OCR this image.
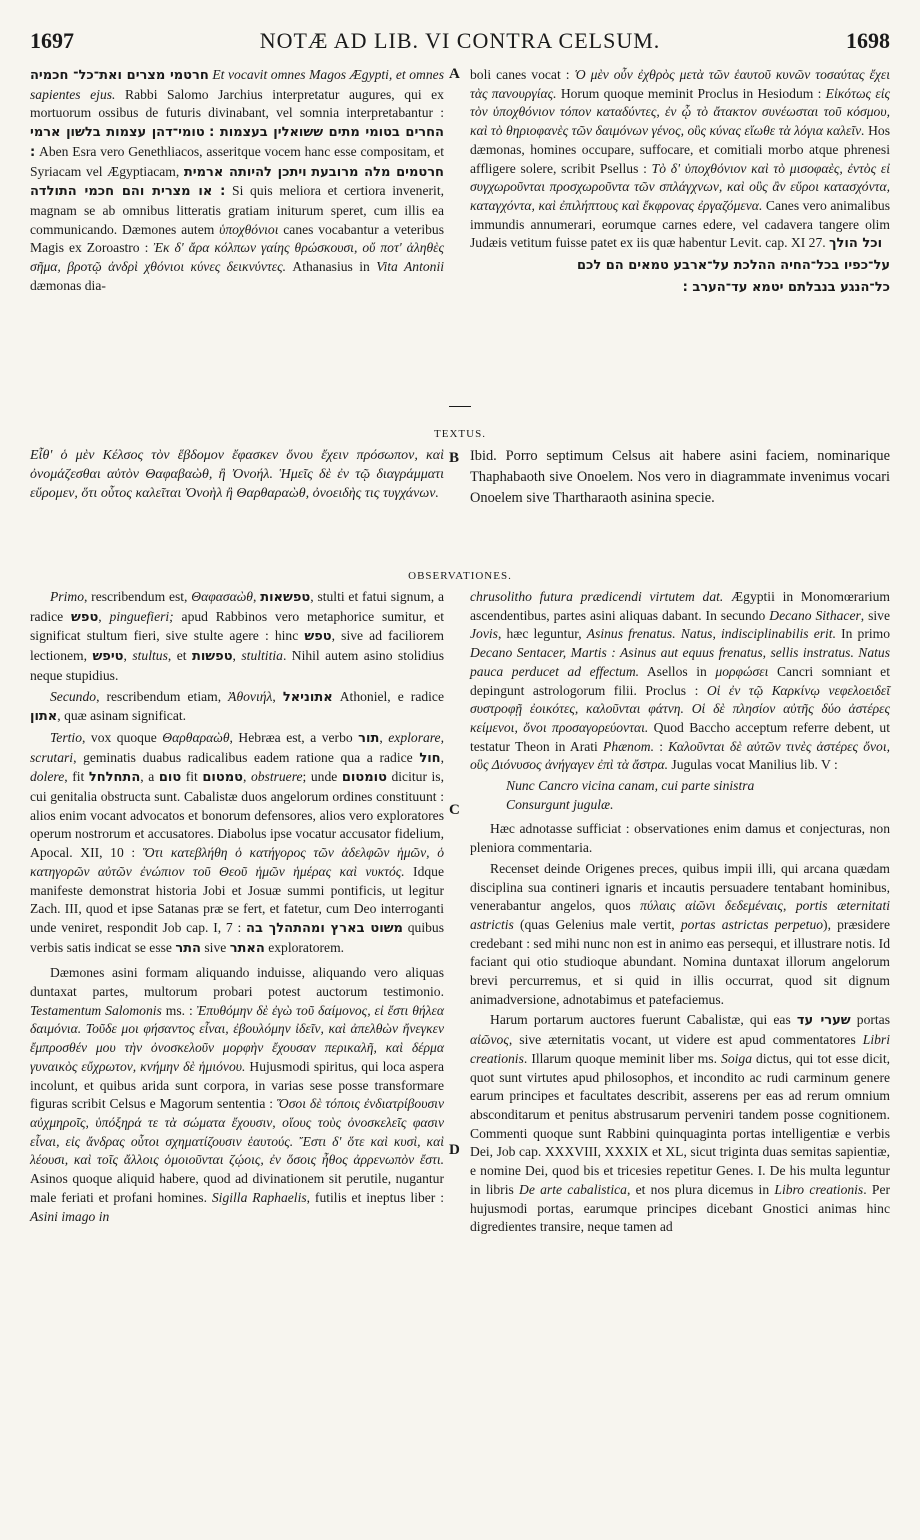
1697	NOTÆ AD LIB. VI CONTRA CELSUM.	1698

חרטמי מצרים ואת־כל־ חכמיה Et vocavit omnes Magos Ægypti, et omnes sapientes ejus. Rabbi Salomo Jarchius interpretatur augures, qui ex mortuorum ossibus de futuris divinabant, vel somnia interpretabantur : החרים בטומי מתים ששואלין בעצמות : טומי־דהן עצמות בלשון ארמי : Aben Esra vero Genethliacos, asseritque vocem hanc esse compositam, et Syriacam vel Ægyptiacam,	חרטמים מלה מרובעת ויתכן להיותה ארמית או מצרית והם חכמי התולדה : Si quis meliora et certiora invenerit, magnam se ab omnibus litteratis gratiam initurum speret, cum illis ea communicando. Dæmones autem ὑποχθόνιοι canes vocabantur a veteribus Magis ex Zoroastro : Ἐκ δ' ἄρα κόλπων γαίης θρώσκουσι, οὔ ποτ' ἀληθὲς σῆμα, βροτῷ ἀνδρὶ χθόνιοι κύνες δεικνύντες. Athanasius in Vita Antonii dæmonas dia-

A boli canes vocat : Ὁ μὲν οὖν ἐχθρὸς μετὰ τῶν ἑαυτοῦ κυνῶν τοσαύτας ἔχει τὰς πανουργίας. Horum quoque meminit Proclus in Hesiodum : Εἰκότως εἰς τὸν ὑποχθόνιον τόπον καταδύντες, ἐν ᾧ τὸ ἄτακτον συνέωσται τοῦ κόσμου, καὶ τὸ θηριοφανὲς τῶν δαιμόνων γένος, οὓς κύνας εἴωθε τὰ λόγια καλεῖν. Hos dæmonas, homines occupare, suffocare, et comitiali morbo atque phrenesi affligere solere, scribit Psellus : Τὸ δ' ὑποχθόνιον καὶ τὸ μισοφαὲς, ἐντὸς εἰ συγχωροῦνται προσχωροῦντα τῶν σπλάγχνων, καὶ οὓς ἂν εὕροι κατασχόντα, καταγχόντα, καὶ ἐπιλήπτους καὶ ἔκφρονας ἐργαζόμενα. Canes vero animalibus immundis annumerari, eorumque carnes edere, vel cadavera tangere olim Judæis vetitum fuisse patet ex iis quæ habentur Levit. cap. XI 27. וכל הולך

על־כפיו בכל־החיה ההלכת על־ארבע טמאים הם לכם

כל־הנגע בנבלתם יטמא עד־הערב :

TEXTUS.
Εἶθ' ὁ μὲν Κέλσος τὸν ἕβδομον ἔφασκεν ὄνου ἔχειν πρόσωπον, καὶ ὀνομάζεσθαι αὐτὸν Θαφαβαὼθ, ἢ Ὀνοήλ. Ἡμεῖς δὲ ἐν τῷ διαγράμματι εὕρομεν, ὅτι οὗτος καλεῖται Ὀνοὴλ ἢ Θαρθαραὼθ, ὀνοειδὴς τις τυγχάνων.
B Ibid. Porro septimum Celsus ait habere asini faciem, nominarique Thaphabaoth sive Onoelem. Nos vero in diagrammate invenimus vocari Onoelem sive Thartharaoth asinina specie.
OBSERVATIONES.

Primo, rescribendum est, Θαφασαὼθ, טפשאות, stulti et fatui signum, a radice טפש, pinguefieri; apud Rabbinos vero metaphorice sumitur, et significat stultum fieri, sive stulte agere : hinc טפש, sive ad faciliorem lectionem, טיפש, stultus, et טפשות, stultitia. Nihil autem asino stolidius neque stupidius.

Secundo, rescribendum etiam, Ἀθονιήλ, אתוניאל Athoniel, e radice אתון, quæ asinam significat.

Tertio, vox quoque Θαρθαραὼθ, Hebræa est, a verbo תור, explorare, scrutari, geminatis duabus radicalibus eadem ratione qua a radice חול, dolere, fit התחלחל, a טום fit טמטום, obstruere; unde טומטום dicitur is, cui genitalia obstructa sunt. Cabalistæ duos angelorum ordines constituunt : alios enim vocant advocatos et bonorum defensores, alios vero exploratores operum nostrorum et accusatores. Diabolus ipse vocatur accusator fidelium, Apocal. XII, 10 : Ὅτι κατεβλήθη ὁ κατήγορος τῶν ἀδελφῶν ἡμῶν, ὁ κατηγορῶν αὐτῶν ἐνώπιον τοῦ Θεοῦ ἡμῶν ἡμέρας καὶ νυκτός. Idque manifeste demonstrat historia Jobi et Josuæ summi pontificis, ut legitur Zach. III, quod et ipse Satanas præ se fert, et fatetur, cum Deo interroganti unde veniret, respondit Job cap. I, 7 : משוט בארץ ומהתהלך בה quibus verbis satis indicat se esse התר sive האתר exploratorem.

Dæmones asini formam aliquando induisse, aliquando vero aliquas duntaxat partes, multorum probari potest auctorum testimonio. Testamentum Salomonis ms. : Ἐπυθόμην δὲ ἐγὼ τοῦ δαίμονος, εἰ ἔστι θήλεα δαιμόνια. Τοῦδε μοι φήσαντος εἶναι, ἐβουλόμην ἰδεῖν, καὶ ἀπελθὼν ἤνεγκεν ἔμπροσθέν μου τὴν ὀνοσκελοῦν μορφὴν ἔχουσαν περικαλῆ, καὶ δέρμα γυναικὸς εὔχρωτον, κνήμην δὲ ἡμιόνου. Hujusmodi spiritus, qui loca aspera incolunt, et quibus arida sunt corpora, in varias sese posse transformare figuras scribit Celsus e Magorum sententia : Ὅσοι δὲ τόποις ἐνδιατρίβουσιν αὐχμηροῖς, ὑπόξηρά τε τὰ σώματα ἔχουσιν, οἵους τοὺς ὀνοσκελεῖς φασιν εἶναι, εἰς ἄνδρας οὗτοι σχηματίζουσιν ἑαυτούς. Ἔστι δ' ὅτε καὶ κυσὶ, καὶ λέουσι, καὶ τοῖς ἄλλοις ὁμοιοῦνται ζῴοις, ἐν ὅσοις ἦθος ἀρρενωπὸν ἔστι. Asinos quoque aliquid habere, quod ad divinationem sit perutile, nugantur male feriati et profani homines. Sigilla Raphaelis, futilis et ineptus liber : Asini imago in

C
D

chrusolitho futura prædicendi virtutem dat. Ægyptii in Monomœrarium ascendentibus, partes asini aliquas dabant. In secundo Decano Sithacer, sive Jovis, hæc leguntur, Asinus frenatus. Natus, indisciplinabilis erit. In primo Decano Sentacer, Martis : Asinus aut equus frenatus, sellis instratus. Natus pauca perducet ad effectum. Asellos in μορφώσει Cancri somniant et depingunt astrologorum filii. Proclus : Οἱ ἐν τῷ Καρκίνῳ νεφελοειδεῖ συστροφῇ ἐοικότες, καλοῦνται φάτνη. Οἱ δὲ πλησίον αὐτῆς δύο ἀστέρες κείμενοι, ὄνοι προσαγορεύονται. Quod Baccho acceptum referre debent, ut testatur Theon in Arati Phænom. : Καλοῦνται δὲ αὐτῶν τινὲς ἀστέρες ὄνοι, οὓς Διόνυσος ἀνήγαγεν ἐπὶ τὰ ἄστρα. Jugulas vocat Manilius lib. V :

Nunc Cancro vicina canam, cui parte sinistra

Consurgunt jugulæ.

Hæc adnotasse sufficiat : observationes enim damus et conjecturas, non pleniora commentaria.

Recenset deinde Origenes preces, quibus impii illi, qui arcana quædam disciplina sua contineri ignaris et incautis persuadere tentabant hominibus, venerabantur angelos, quos πύλαις αἰῶνι δεδεμέναις, portis æternitati astrictis (quas Gelenius male vertit, portas astrictas perpetuo), præsidere credebant : sed mihi nunc non est in animo eas persequi, et illustrare notis. Id faciant qui otio studioque abundant. Nomina duntaxat illorum angelorum brevi percurremus, et si quid in illis occurrat, quod sit dignum animadversione, adnotabimus et patefaciemus.

Harum portarum auctores fuerunt Cabalistæ, qui eas שערי עד portas αἰῶνος, sive æternitatis vocant, ut videre est apud commentatores Libri creationis. Illarum quoque meminit liber ms. Soiga dictus, qui tot esse dicit, quot sunt virtutes apud philosophos, et incondito ac rudi carminum genere earum principes et facultates describit, asserens per eas ad rerum omnium absconditarum et penitus abstrusarum perveniri tandem posse cognitionem. Commenti quoque sunt Rabbini quinquaginta portas intelligentiæ e verbis Dei, Job cap. XXXVIII, XXXIX et XL, sicut triginta duas semitas sapientiæ, e nomine Dei, quod bis et tricesies repetitur Genes. I. De his multa leguntur in libris De arte cabalistica, et nos plura dicemus in Libro creationis. Per hujusmodi portas, earumque principes dicebant Gnostici animas hinc digredientes transire, neque tamen ad
